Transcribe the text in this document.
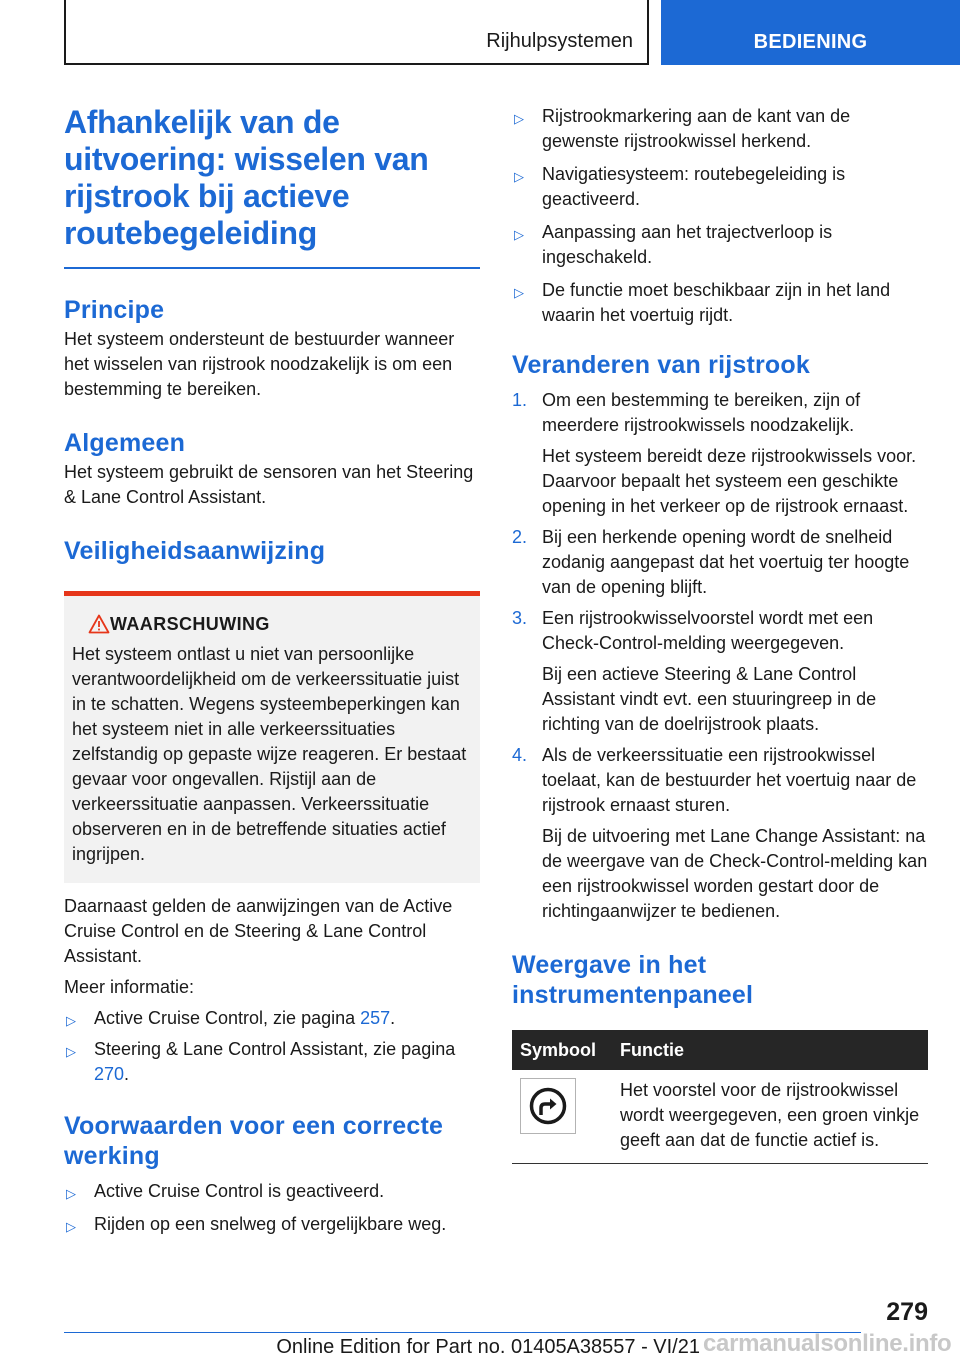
Rijhulpsystemen	BEDIENING
Afhankelijk van de uitvoering: wisselen van rijstrook bij actieve routebegeleiding
Principe

Het systeem ondersteunt de bestuurder wanneer het wisselen van rijstrook noodzakelijk is om een bestemming te bereiken.

Algemeen

Het systeem gebruikt de sensoren van het Steering & Lane Control Assistant.

Veiligheidsaanwijzing
WAARSCHUWING

Het systeem ontlast u niet van persoonlijke verantwoordelijkheid om de verkeerssituatie juist in te schatten. Wegens systeembeperkingen kan het systeem niet in alle verkeerssituaties zelfstandig op gepaste wijze reageren. Er bestaat gevaar voor ongevallen. Rijstijl aan de verkeerssituatie aanpassen. Verkeerssituatie observeren en in de betreffende situaties actief ingrijpen.

Daarnaast gelden de aanwijzingen van de Active Cruise Control en de Steering & Lane Control Assistant.

Meer informatie:

▷ Active Cruise Control, zie pagina 257.
▷ Steering & Lane Control Assistant, zie pagina 270.
Voorwaarden voor een correcte werking
▷ Active Cruise Control is geactiveerd.
▷ Rijden op een snelweg of vergelijkbare weg.
▷ Rijstrookmarkering aan de kant van de gewenste rijstrookwissel herkend.
▷ Navigatiesysteem: routebegeleiding is geactiveerd.
▷ Aanpassing aan het trajectverloop is ingeschakeld.
▷ De functie moet beschikbaar zijn in het land waarin het voertuig rijdt.
Veranderen van rijstrook
1. Om een bestemming te bereiken, zijn of meerdere rijstrookwissels noodzakelijk.

Het systeem bereidt deze rijstrookwissels voor. Daarvoor bepaalt het systeem een geschikte opening in het verkeer op de rijstrook ernaast.

2. Bij een herkende opening wordt de snelheid zodanig aangepast dat het voertuig ter hoogte van de opening blijft.

3. Een rijstrookwisselvoorstel wordt met een Check-Control-melding weergegeven.

Bij een actieve Steering & Lane Control Assistant vindt evt. een stuuringreep in de richting van de doelrijstrook plaats.

4. Als de verkeerssituatie een rijstrookwissel toelaat, kan de bestuurder het voertuig naar de rijstrook ernaast sturen.

Bij de uitvoering met Lane Change Assistant: na de weergave van de Check-Control-melding kan een rijstrookwissel worden gestart door de richtingaanwijzer te bedienen.

Weergave in het instrumentenpaneel
Symbool	Functie

	Het voorstel voor de rijstrookwissel wordt weergegeven, een groen vinkje geeft aan dat de functie actief is.
279
Online Edition for Part no. 01405A38557 - VI/21 carmanualsonline.info
